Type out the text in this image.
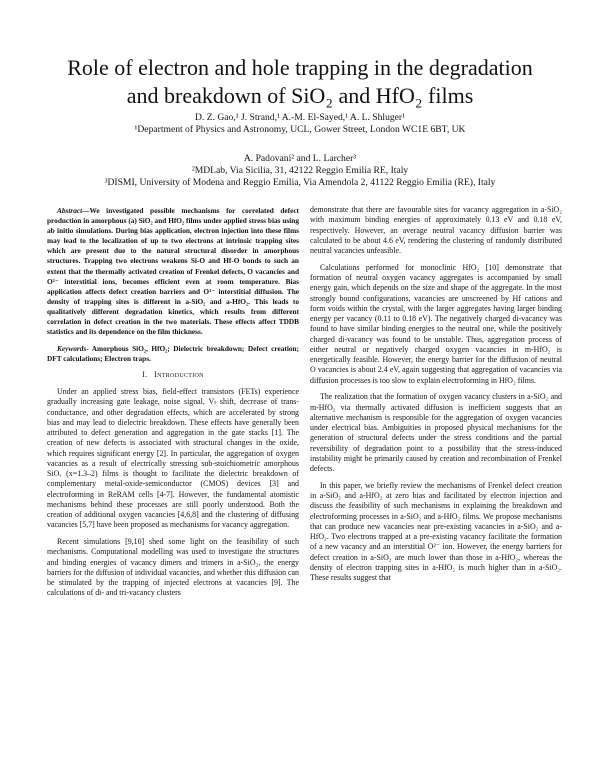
Role of electron and hole trapping in the degradation
and breakdown of SiO₂ and HfO₂ films

D. Z. Gao,¹ J. Strand,¹ A.-M. El-Sayed,¹ A. L. Shluger¹

¹Department of Physics and Astronomy, UCL, Gower Street, London WC1E 6BT, UK

A. Padovani² and L. Larcher³

²MDLab, Via Sicilia, 31, 42122 Reggio Emilia RE, Italy

³DISMI, University of Modena and Reggio Emilia, Via Amendola 2, 41122 Reggio Emilia (RE), Italy

Abstract—We investigated possible mechanisms for correlated defect production in amorphous (a) SiO₂ and HfO₂ films under applied stress bias using ab initio simulations. During bias application, electron injection into these films may lead to the localization of up to two electrons at intrinsic trapping sites which are present due to the natural structural disorder in amorphous structures. Trapping two electrons weakens Si-O and Hf-O bonds to such an extent that the thermally activated creation of Frenkel defects, O vacancies and O²⁻ interstitial ions, becomes efficient even at room temperature. Bias application affects defect creation barriers and O²⁻ interstitial diffusion. The density of trapping sites is different in a-SiO₂ and a-HfO₂. This leads to qualitatively different degradation kinetics, which results from different correlation in defect creation in the two materials. These effects affect TDDB statistics and its dependence on the film thickness.

Keywords- Amorphous SiO₂, HfO₂; Dielectric breakdown; Defect creation; DFT calculations; Electron traps.

I. Introduction

Under an applied stress bias, field-effect transistors (FETs) experience gradually increasing gate leakage, noise signal, Vₜ shift, decrease of trans-conductance, and other degradation effects, which are accelerated by strong bias and may lead to dielectric breakdown. These effects have generally been attributed to defect generation and aggregation in the gate stacks [1]. The creation of new defects is associated with structural changes in the oxide, which requires significant energy [2]. In particular, the aggregation of oxygen vacancies as a result of electrically stressing sub-stoichiometric amorphous SiOₓ (x=1.3–2) films is thought to facilitate the dielectric breakdown of complementary metal-oxide-semiconductor (CMOS) devices [3] and electroforming in ReRAM cells [4-7]. However, the fundamental atomistic mechanisms behind these processes are still poorly understood. Both the creation of additional oxygen vacancies [4,6,8] and the clustering of diffusing vacancies [5,7] have been proposed as mechanisms for vacancy aggregation.

Recent simulations [9,10] shed some light on the feasibility of such mechanisms. Computational modelling was used to investigate the structures and binding energies of vacancy dimers and trimers in a-SiO₂, the energy barriers for the diffusion of individual vacancies, and whether this diffusion can be stimulated by the trapping of injected electrons at vacancies [9]. The calculations of di- and tri-vacancy clusters

demonstrate that there are favourable sites for vacancy aggregation in a-SiO₂ with maximum binding energies of approximately 0.13 eV and 0.18 eV, respectively. However, an average neutral vacancy diffusion barrier was calculated to be about 4.6 eV, rendering the clustering of randomly distributed neutral vacancies unfeasible.

Calculations performed for monoclinic HfO₂ [10] demonstrate that formation of neutral oxygen vacancy aggregates is accompanied by small energy gain, which depends on the size and shape of the aggregate. In the most strongly bound configurations, vacancies are unscreened by Hf cations and form voids within the crystal, with the larger aggregates having larger binding energy per vacancy (0.11 to 0.18 eV). The negatively charged di-vacancy was found to have similar binding energies to the neutral one, while the positively charged di-vacancy was found to be unstable. Thus, aggregation process of either neutral or negatively charged oxygen vacancies in m-HfO₂ is energetically feasible. However, the energy barrier for the diffusion of neutral O vacancies is about 2.4 eV, again suggesting that aggregation of vacancies via diffusion processes is too slow to explain electroforming in HfO₂ films.

The realization that the formation of oxygen vacancy clusters in a-SiO₂ and m-HfO₂ via thermally activated diffusion is inefficient suggests that an alternative mechanism is responsible for the aggregation of oxygen vacancies under electrical bias. Ambiguities in proposed physical mechanisms for the generation of structural defects under the stress conditions and the partial reversibility of degradation point to a possibility that the stress-induced instability might be primarily caused by creation and recombination of Frenkel defects.

In this paper, we briefly review the mechanisms of Frenkel defect creation in a-SiO₂ and a-HfO₂ at zero bias and facilitated by electron injection and discuss the feasibility of such mechanisms in explaining the breakdown and electroforming processes in a-SiO₂ and a-HfO₂ films. We propose mechanisms that can produce new vacancies near pre-existing vacancies in a-SiO₂ and a-HfO₂. Two electrons trapped at a pre-existing vacancy facilitate the formation of a new vacancy and an interstitial O²⁻ ion. However, the energy barriers for defect creation in a-SiO₂ are much lower than those in a-HfO₂, whereas the density of electron trapping sites in a-HfO₂ is much higher than in a-SiO₂. These results suggest that
